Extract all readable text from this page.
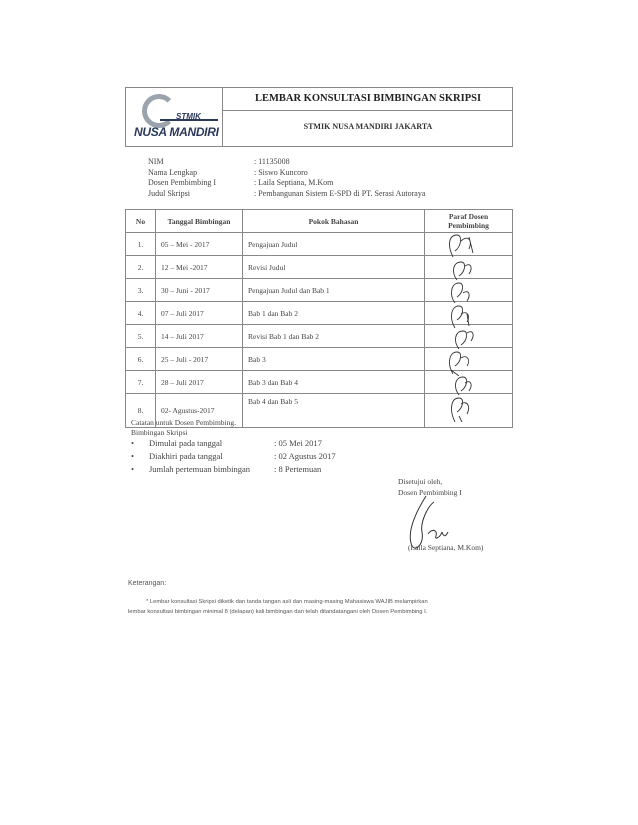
STMIK
NUSA MANDIRI
LEMBAR KONSULTASI BIMBINGAN SKRIPSI
STMIK NUSA MANDIRI JAKARTA
NIM	: 11135008
Nama Lengkap	: Siswo Kuncoro
Dosen Pembimbing I	: Laila Septiana, M.Kom
Judul Skripsi	: Pembangunan Sistem E-SPD di PT. Serasi Autoraya
No	Tanggal Bimbingan	Pokok Bahasan	Paraf Dosen Pembimbing
1.	05 – Mei - 2017	Pengajuan Judul	

2.	12 – Mei -2017	Revisi Judul	

3.	30 – Juni - 2017	Pengajuan Judul dan Bab 1	

4.	07 – Juli 2017	Bab 1 dan Bab 2	

5.	14 – Juli 2017	Revisi Bab 1 dan Bab 2	

6.	25 – Juli - 2017	Bab 3	

7.	28 – Juli 2017	Bab 3 dan Bab 4	

8.	02- Agustus-2017	Bab 4 dan Bab 5	
Catatan untuk Dosen Pembimbing.
Bimbingan Skripsi
•	Dimulai pada tanggal	: 05 Mei 2017
•	Diakhiri pada tanggal	: 02 Agustus 2017
•	Jumlah pertemuan bimbingan	: 8 Pertemuan
Disetujui oleh,
Dosen Pembimbing I
(Laila Septiana, M.Kom)
Keterangan:
* Lembar konsultasi Skripsi diketik dan tanda tangan asli dan masing-masing Mahasiswa WAJIB melampirkan
lembar konsultasi bimbingan minimal 8 (delapan) kali bimbingan dan telah ditandatangani oleh Dosen Pembimbing I.
